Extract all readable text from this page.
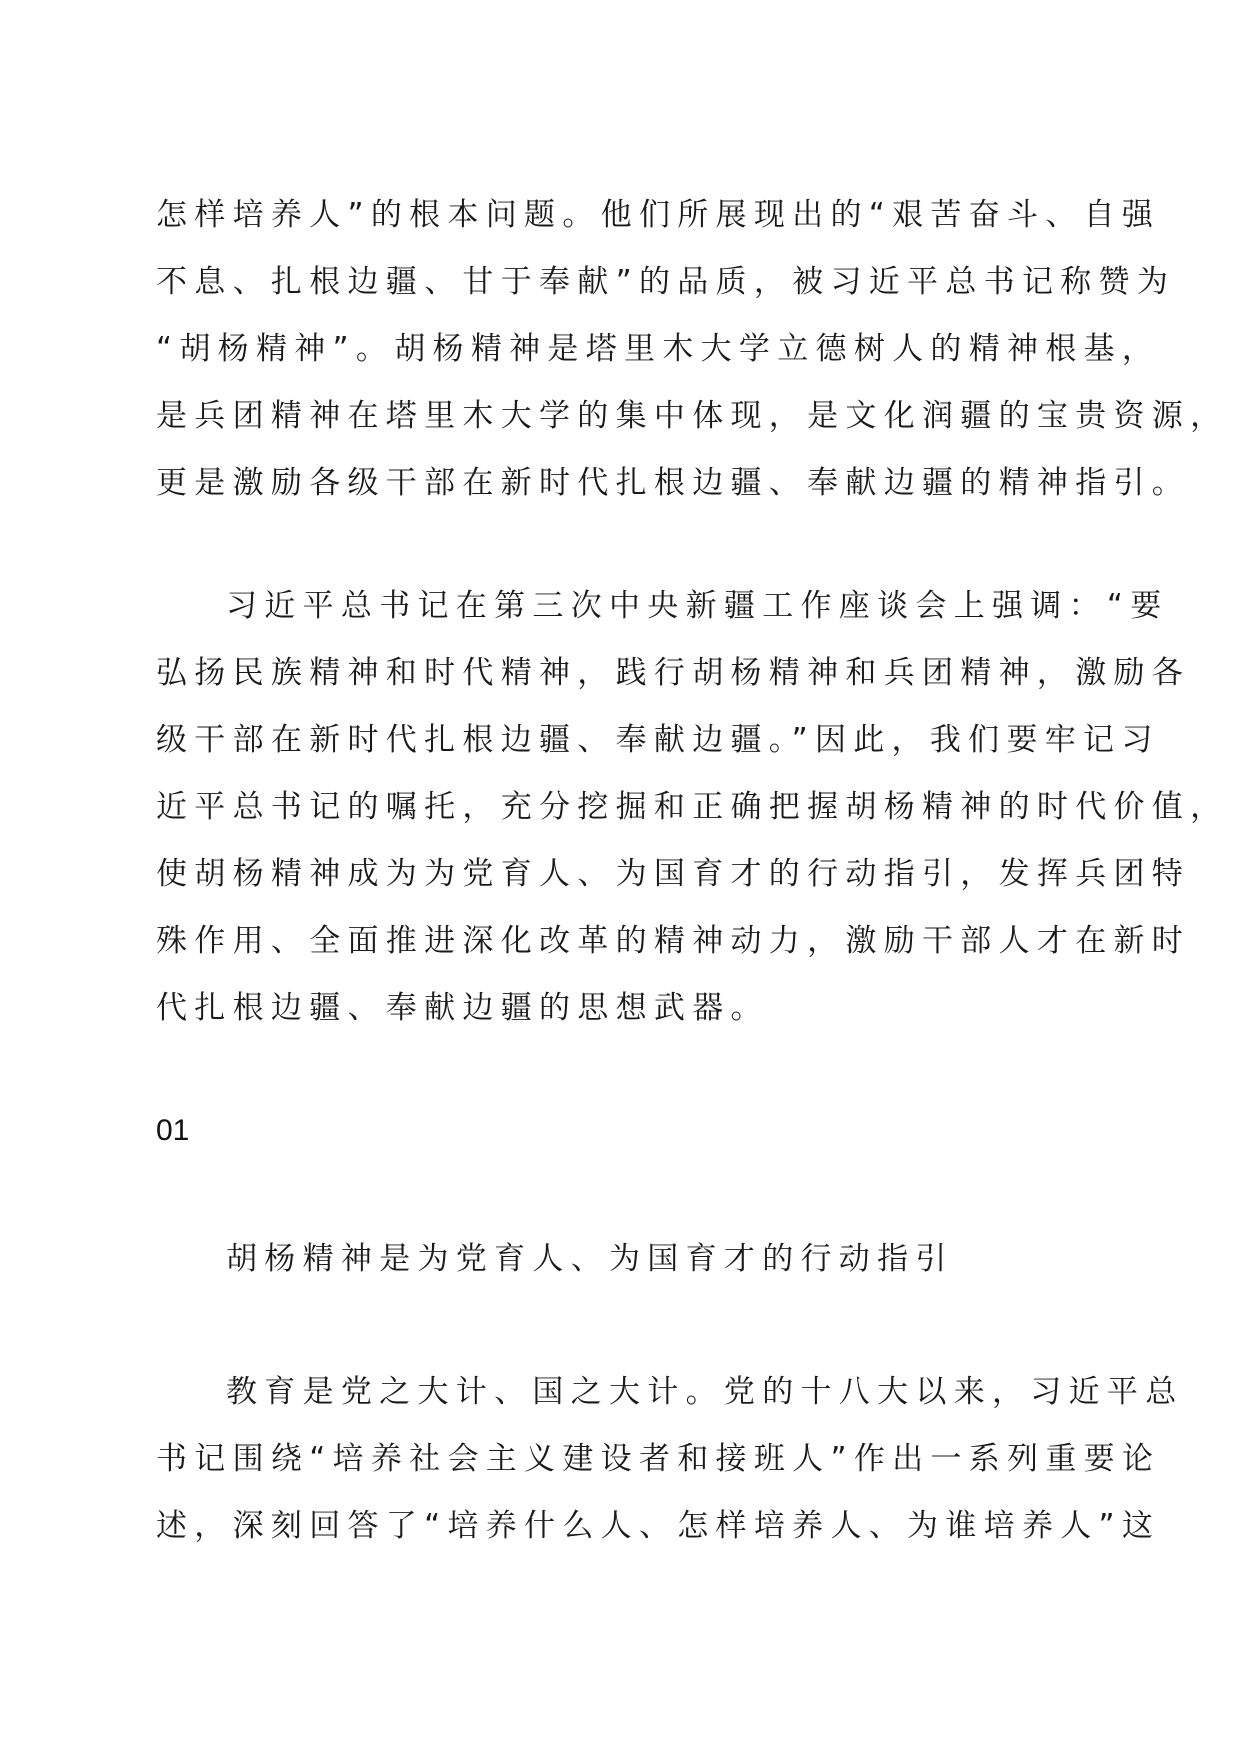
怎样培养人”的根本问题。他们所展现出的“艰苦奋斗、自强
不息、扎根边疆、甘于奉献”的品质，被习近平总书记称赞为
“胡杨精神”。胡杨精神是塔里木大学立德树人的精神根基，
是兵团精神在塔里木大学的集中体现，是文化润疆的宝贵资源，
更是激励各级干部在新时代扎根边疆、奉献边疆的精神指引。
习近平总书记在第三次中央新疆工作座谈会上强调：“要
弘扬民族精神和时代精神，践行胡杨精神和兵团精神，激励各
级干部在新时代扎根边疆、奉献边疆。”因此，我们要牢记习
近平总书记的嘱托，充分挖掘和正确把握胡杨精神的时代价值，
使胡杨精神成为为党育人、为国育才的行动指引，发挥兵团特
殊作用、全面推进深化改革的精神动力，激励干部人才在新时
代扎根边疆、奉献边疆的思想武器。
01
胡杨精神是为党育人、为国育才的行动指引
教育是党之大计、国之大计。党的十八大以来，习近平总
书记围绕“培养社会主义建设者和接班人”作出一系列重要论
述，深刻回答了“培养什么人、怎样培养人、为谁培养人”这
